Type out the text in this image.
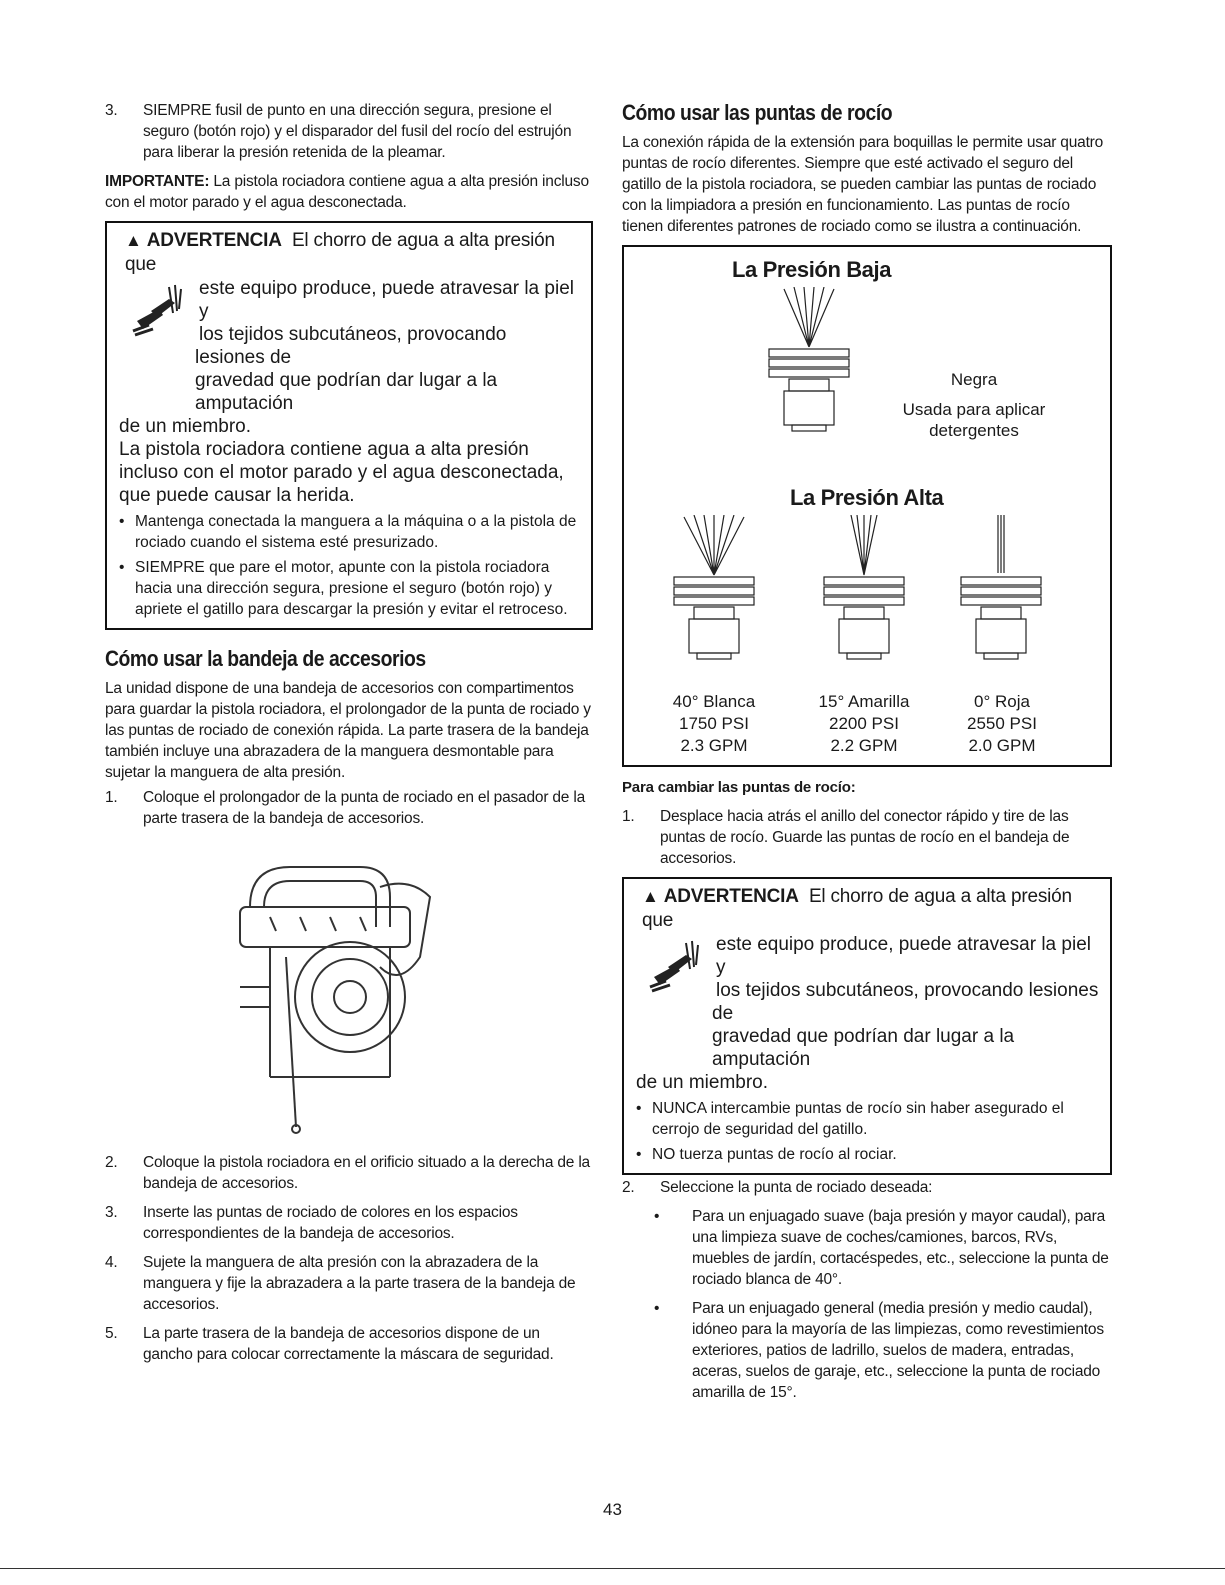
3.	SIEMPRE fusil de punto en una dirección segura, presione el seguro (botón rojo) y el disparador del fusil del rocío del estrujón para liberar la presión retenida de la pleamar.

IMPORTANTE: La pistola rociadora contiene agua a alta presión incluso con el motor parado y el agua desconectada.

▲ ADVERTENCIA El chorro de agua a alta presión que
este equipo produce, puede atravesar la piel y
los tejidos subcutáneos, provocando lesiones de
gravedad que podrían dar lugar a la amputación
de un miembro.
La pistola rociadora contiene agua a alta presión incluso con el motor parado y el agua desconectada, que puede causar la herida.
• Mantenga conectada la manguera a la máquina o a la pistola de rociado cuando el sistema esté presurizado.
• SIEMPRE que pare el motor, apunte con la pistola rociadora hacia una dirección segura, presione el seguro (botón rojo) y apriete el gatillo para descargar la presión y evitar el retroceso.
Cómo usar la bandeja de accesorios

La unidad dispone de una bandeja de accesorios con compartimentos para guardar la pistola rociadora, el prolongador de la punta de rociado y las puntas de rociado de conexión rápida. La parte trasera de la bandeja también incluye una abrazadera de la manguera desmontable para sujetar la manguera de alta presión.

1.	Coloque el prolongador de la punta de rociado en el pasador de la parte trasera de la bandeja de accesorios.
2.	Coloque la pistola rociadora en el orificio situado a la derecha de la bandeja de accesorios.
3.	Inserte las puntas de rociado de colores en los espacios correspondientes de la bandeja de accesorios.
4.	Sujete la manguera de alta presión con la abrazadera de la manguera y fije la abrazadera a la parte trasera de la bandeja de accesorios.
5.	La parte trasera de la bandeja de accesorios dispone de un gancho para colocar correctamente la máscara de seguridad.
Cómo usar las puntas de rocío

La conexión rápida de la extensión para boquillas le permite usar quatro puntas de rocío diferentes. Siempre que esté activado el seguro del gatillo de la pistola rociadora, se pueden cambiar las puntas de rociado con la limpiadora a presión en funcionamiento. Las puntas de rocío tienen diferentes patrones de rociado como se ilustra a continuación.

La Presión Baja
Negra
Usada para aplicar
detergentes
La Presión Alta
40° Blanca
1750 PSI
2.3 GPM
15° Amarilla
2200 PSI
2.2 GPM
0° Roja
2550 PSI
2.0 GPM
Para cambiar las puntas de rocío:
1.	Desplace hacia atrás el anillo del conector rápido y tire de las puntas de rocío. Guarde las puntas de rocío en el bandeja de accesorios.
▲ ADVERTENCIA El chorro de agua a alta presión que
este equipo produce, puede atravesar la piel y
los tejidos subcutáneos, provocando lesiones de
gravedad que podrían dar lugar a la amputación
de un miembro.
• NUNCA intercambie puntas de rocío sin haber asegurado el cerrojo de seguridad del gatillo.
• NO tuerza puntas de rocío al rociar.
2.	Seleccione la punta de rociado deseada:
•	Para un enjuagado suave (baja presión y mayor caudal), para una limpieza suave de coches/camiones, barcos, RVs, muebles de jardín, cortacéspedes, etc., seleccione la punta de rociado blanca de 40°.
•	Para un enjuagado general (media presión y medio caudal), idóneo para la mayoría de las limpiezas, como revestimientos exteriores, patios de ladrillo, suelos de madera, entradas, aceras, suelos de garaje, etc., seleccione la punta de rociado amarilla de 15°.
43
